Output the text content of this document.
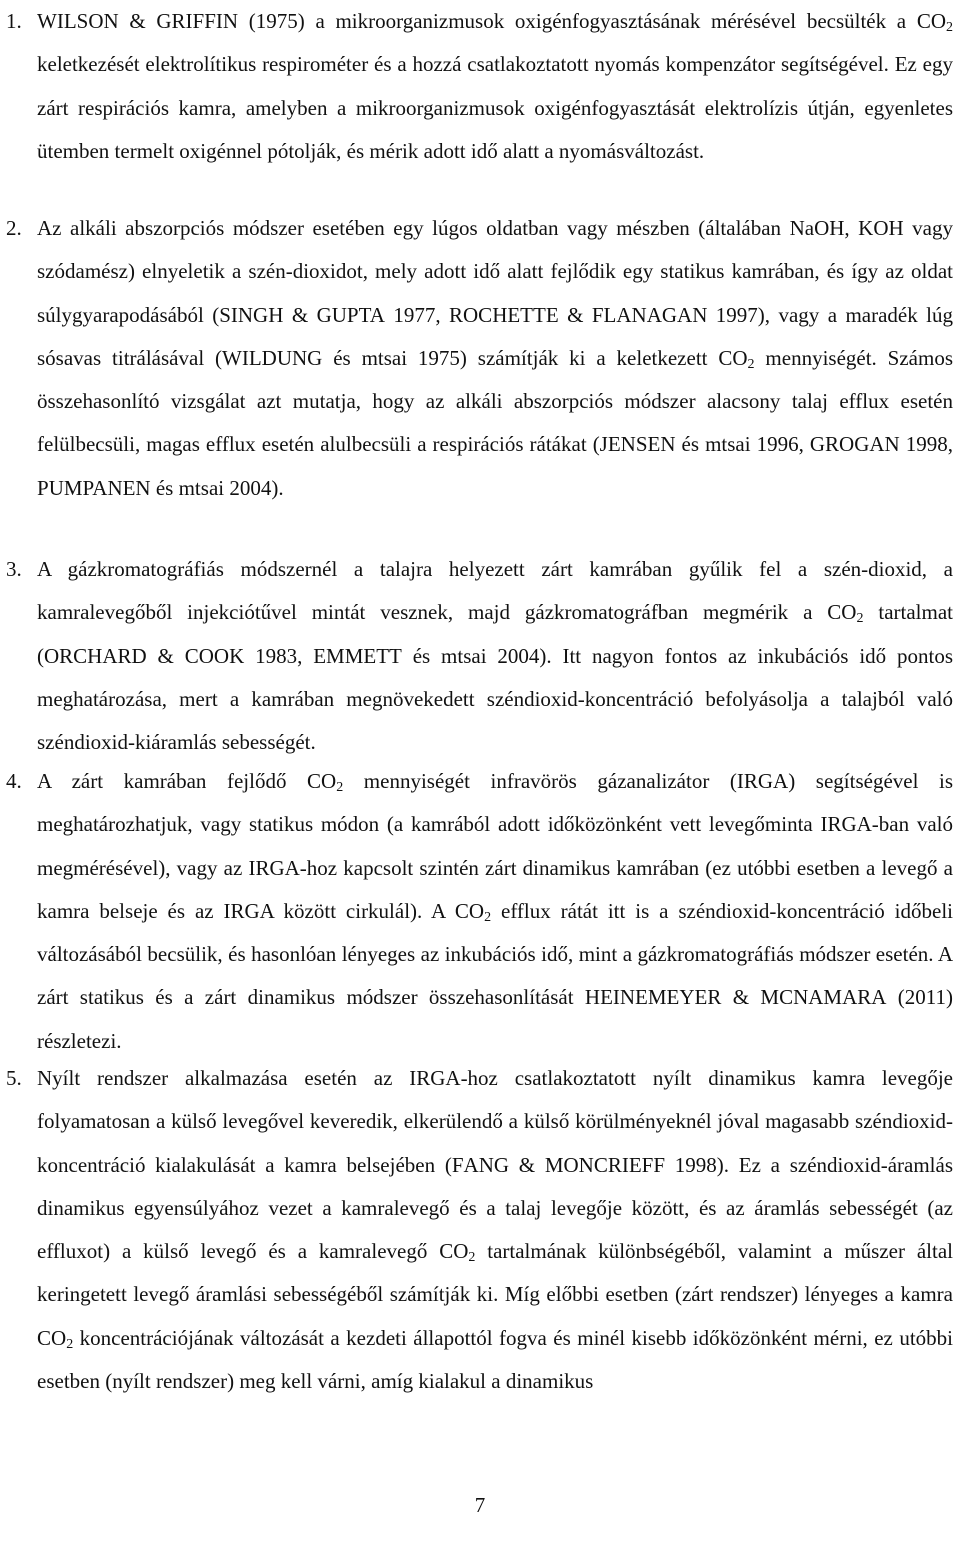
1. WILSON & GRIFFIN (1975) a mikroorganizmusok oxigénfogyasztásának mérésével becsülték a $CO_2$ keletkezését elektrolítikus respirométer és a hozzá csatlakoztatott nyomás kompenzátor segítségével. Ez egy zárt respirációs kamra, amelyben a mikroorganizmusok oxigénfogyasztását elektrolízis útján, egyenletes ütemben termelt oxigénnel pótolják, és mérik adott idő alatt a nyomásváltozást.
2. Az alkáli abszorpciós módszer esetében egy lúgos oldatban vagy mészben (általában NaOH, KOH vagy szódamész) elnyeletik a szén-dioxidot, mely adott idő alatt fejlődik egy statikus kamrában, és így az oldat súlygyarapodásából (SINGH & GUPTA 1977, ROCHETTE & FLANAGAN 1997), vagy a maradék lúg sósavas titrálásával (WILDUNG és mtsai 1975) számítják ki a keletkezett $CO_2$ mennyiségét. Számos összehasonlító vizsgálat azt mutatja, hogy az alkáli abszorpciós módszer alacsony talaj efflux esetén felülbecsüli, magas efflux esetén alulbecsüli a respirációs rátákat (JENSEN és mtsai 1996, GROGAN 1998, PUMPANEN és mtsai 2004).
3. A gázkromatográfiás módszernél a talajra helyezett zárt kamrában gyűlik fel a szén-dioxid, a kamralevegőből injekciótűvel mintát vesznek, majd gázkromatográfban megmérik a $CO_2$ tartalmat (ORCHARD & COOK 1983, EMMETT és mtsai 2004). Itt nagyon fontos az inkubációs idő pontos meghatározása, mert a kamrában megnövekedett széndioxid-koncentráció befolyásolja a talajból való széndioxid-kiáramlás sebességét.
4. A zárt kamrában fejlődő $CO_2$ mennyiségét infravörös gázanalizátor (IRGA) segítségével is meghatározhatjuk, vagy statikus módon (a kamrából adott időközönként vett levegőminta IRGA-ban való megmérésével), vagy az IRGA-hoz kapcsolt szintén zárt dinamikus kamrában (ez utóbbi esetben a levegő a kamra belseje és az IRGA között cirkulál). A $CO_2$ efflux rátát itt is a széndioxid-koncentráció időbeli változásából becsülik, és hasonlóan lényeges az inkubációs idő, mint a gázkromatográfiás módszer esetén. A zárt statikus és a zárt dinamikus módszer összehasonlítását HEINEMEYER & MCNAMARA (2011) részletezi.
5. Nyílt rendszer alkalmazása esetén az IRGA-hoz csatlakoztatott nyílt dinamikus kamra levegője folyamatosan a külső levegővel keveredik, elkerülendő a külső körülményeknél jóval magasabb széndioxid-koncentráció kialakulását a kamra belsejében (FANG & MONCRIEFF 1998). Ez a széndioxid-áramlás dinamikus egyensúlyához vezet a kamralevegő és a talaj levegője között, és az áramlás sebességét (az effluxot) a külső levegő és a kamralevegő $CO_2$ tartalmának különbségéből, valamint a műszer által keringetett levegő áramlási sebességéből számítják ki. Míg előbbi esetben (zárt rendszer) lényeges a kamra $CO_2$ koncentrációjának változását a kezdeti állapottól fogva és minél kisebb időközönként mérni, ez utóbbi esetben (nyílt rendszer) meg kell várni, amíg kialakul a dinamikus
7
